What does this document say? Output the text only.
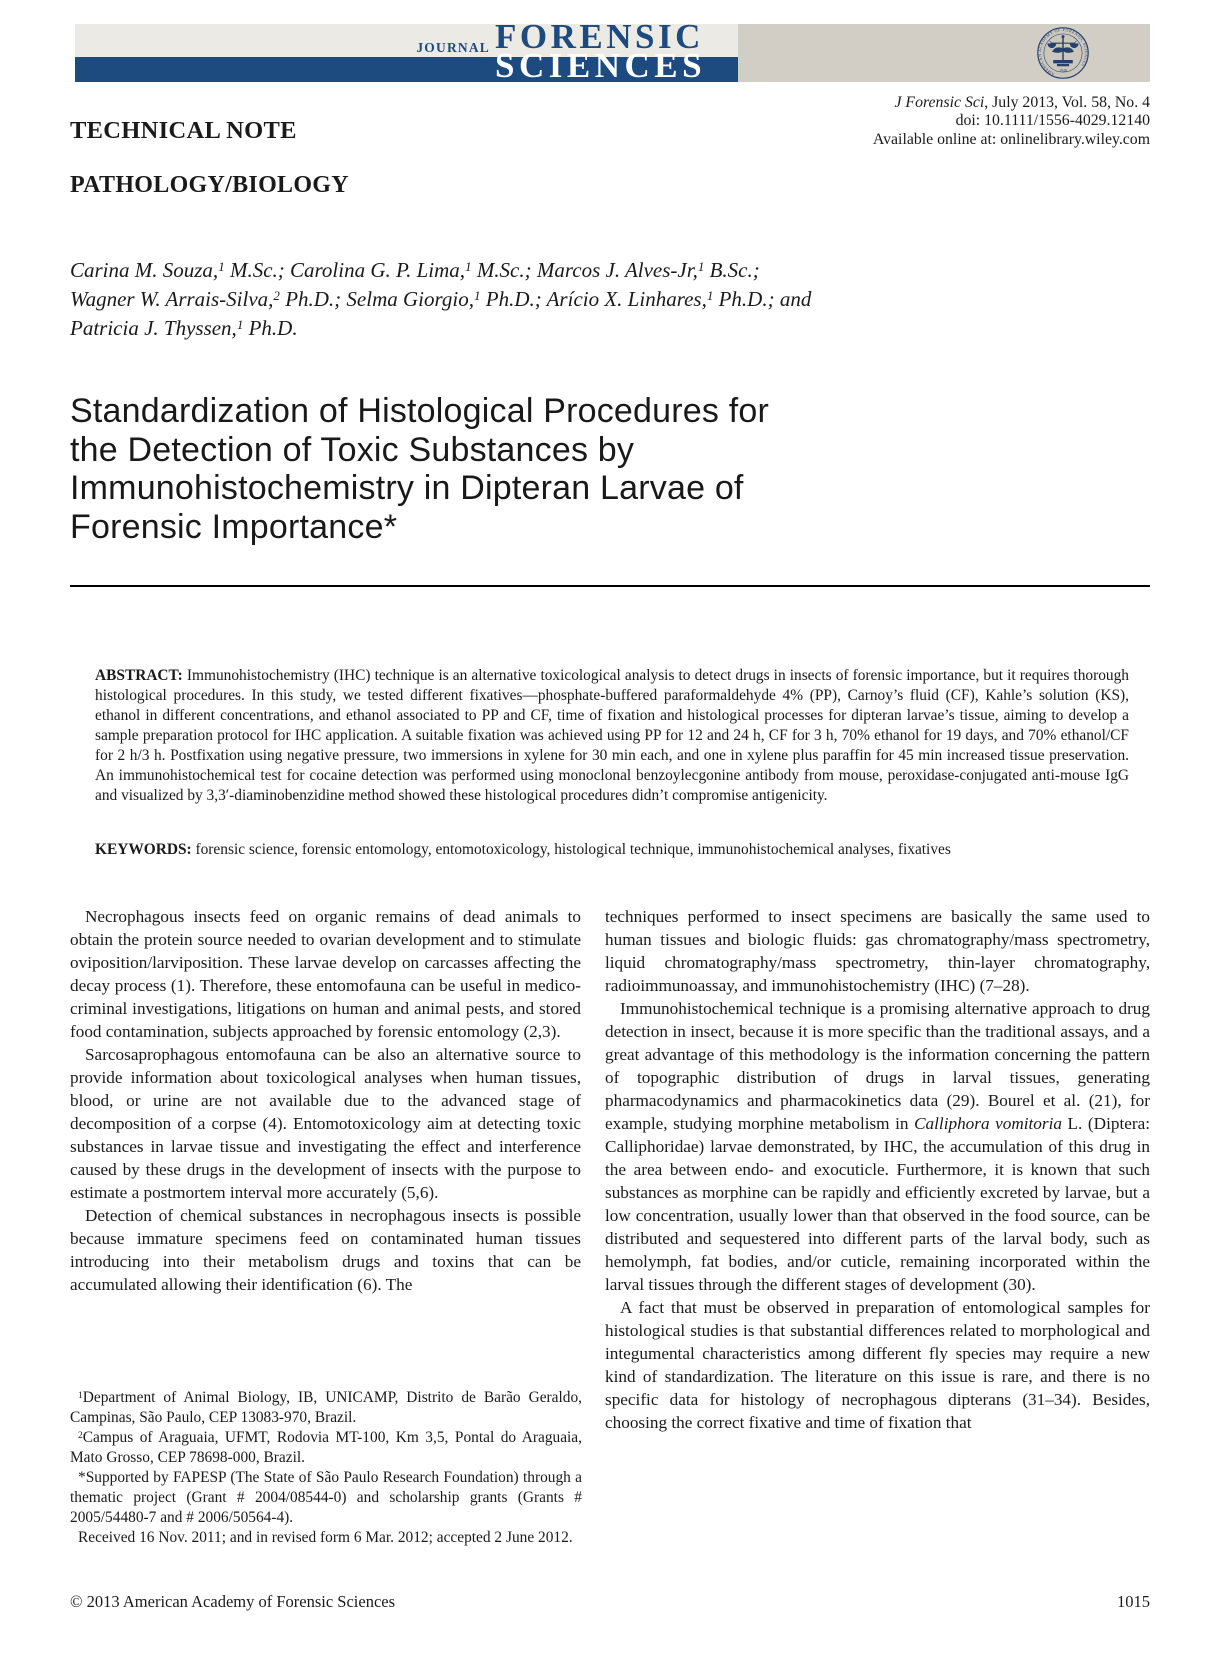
JOURNAL OF
FORENSIC
SCIENCES	AMERICAN ACADEMY OF FORENSIC SCIENCES
1948
J Forensic Sci, July 2013, Vol. 58, No. 4
doi: 10.1111/1556-4029.12140
Available online at: onlinelibrary.wiley.com
TECHNICAL NOTE
PATHOLOGY/BIOLOGY
Carina M. Souza,$^1$ M.Sc.; Carolina G. P. Lima,$^1$ M.Sc.; Marcos J. Alves-Jr,$^1$ B.Sc.;
Wagner W. Arrais-Silva,$^2$ Ph.D.; Selma Giorgio,$^1$ Ph.D.; Arício X. Linhares,$^1$ Ph.D.; and
Patricia J. Thyssen,$^1$ Ph.D.
Standardization of Histological Procedures for
the Detection of Toxic Substances by
Immunohistochemistry in Dipteran Larvae of
Forensic Importance*

ABSTRACT: Immunohistochemistry (IHC) technique is an alternative toxicological analysis to detect drugs in insects of forensic importance, but it requires thorough histological procedures. In this study, we tested different fixatives—phosphate-buffered paraformaldehyde 4% (PP), Carnoy’s fluid (CF), Kahle’s solution (KS), ethanol in different concentrations, and ethanol associated to PP and CF, time of fixation and histological processes for dipteran larvae’s tissue, aiming to develop a sample preparation protocol for IHC application. A suitable fixation was achieved using PP for 12 and 24 h, CF for 3 h, 70% ethanol for 19 days, and 70% ethanol/CF for 2 h/3 h. Postfixation using negative pressure, two immersions in xylene for 30 min each, and one in xylene plus paraffin for 45 min increased tissue preservation. An immunohistochemical test for cocaine detection was performed using monoclonal benzoylecgonine antibody from mouse, peroxidase-conjugated anti-mouse IgG and visualized by 3,3′-diaminobenzidine method showed these histological procedures didn’t compromise antigenicity.

KEYWORDS: forensic science, forensic entomology, entomotoxicology, histological technique, immunohistochemical analyses, fixatives

Necrophagous insects feed on organic remains of dead animals to obtain the protein source needed to ovarian development and to stimulate oviposition/larviposition. These larvae develop on carcasses affecting the decay process (1). Therefore, these entomofauna can be useful in medico-criminal investigations, litigations on human and animal pests, and stored food contamination, subjects approached by forensic entomology (2,3).

Sarcosaprophagous entomofauna can be also an alternative source to provide information about toxicological analyses when human tissues, blood, or urine are not available due to the advanced stage of decomposition of a corpse (4). Entomotoxicology aim at detecting toxic substances in larvae tissue and investigating the effect and interference caused by these drugs in the development of insects with the purpose to estimate a postmortem interval more accurately (5,6).

Detection of chemical substances in necrophagous insects is possible because immature specimens feed on contaminated human tissues introducing into their metabolism drugs and toxins that can be accumulated allowing their identification (6). The

techniques performed to insect specimens are basically the same used to human tissues and biologic fluids: gas chromatography/mass spectrometry, liquid chromatography/mass spectrometry, thin-layer chromatography, radioimmunoassay, and immunohistochemistry (IHC) (7–28).

Immunohistochemical technique is a promising alternative approach to drug detection in insect, because it is more specific than the traditional assays, and a great advantage of this methodology is the information concerning the pattern of topographic distribution of drugs in larval tissues, generating pharmacodynamics and pharmacokinetics data (29). Bourel et al. (21), for example, studying morphine metabolism in Calliphora vomitoria L. (Diptera: Calliphoridae) larvae demonstrated, by IHC, the accumulation of this drug in the area between endo- and exocuticle. Furthermore, it is known that such substances as morphine can be rapidly and efficiently excreted by larvae, but a low concentration, usually lower than that observed in the food source, can be distributed and sequestered into different parts of the larval body, such as hemolymph, fat bodies, and/or cuticle, remaining incorporated within the larval tissues through the different stages of development (30).

A fact that must be observed in preparation of entomological samples for histological studies is that substantial differences related to morphological and integumental characteristics among different fly species may require a new kind of standardization. The literature on this issue is rare, and there is no specific data for histology of necrophagous dipterans (31–34). Besides, choosing the correct fixative and time of fixation that

$^1$Department of Animal Biology, IB, UNICAMP, Distrito de Barão Geraldo, Campinas, São Paulo, CEP 13083-970, Brazil.

$^2$Campus of Araguaia, UFMT, Rodovia MT-100, Km 3,5, Pontal do Araguaia, Mato Grosso, CEP 78698-000, Brazil.

*Supported by FAPESP (The State of São Paulo Research Foundation) through a thematic project (Grant # 2004/08544-0) and scholarship grants (Grants # 2005/54480-7 and # 2006/50564-4).

Received 16 Nov. 2011; and in revised form 6 Mar. 2012; accepted 2 June 2012.

© 2013 American Academy of Forensic Sciences	1015
